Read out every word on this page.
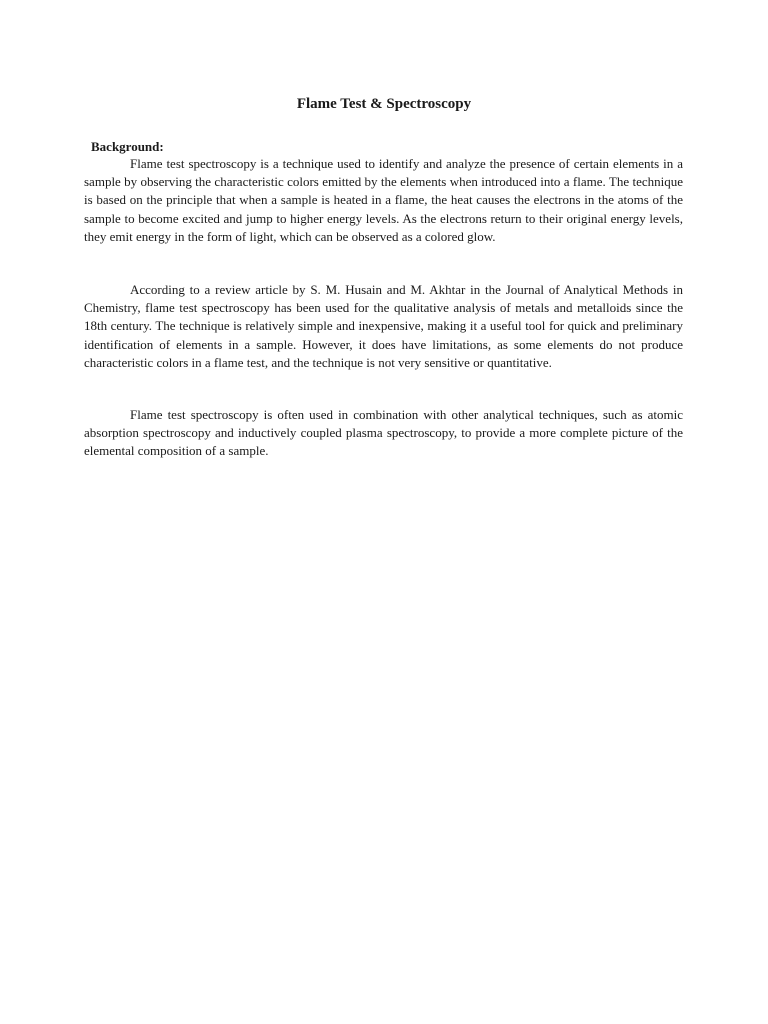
Flame Test & Spectroscopy
Background:

Flame test spectroscopy is a technique used to identify and analyze the presence of certain elements in a sample by observing the characteristic colors emitted by the elements when introduced into a flame. The technique is based on the principle that when a sample is heated in a flame, the heat causes the electrons in the atoms of the sample to become excited and jump to higher energy levels. As the electrons return to their original energy levels, they emit energy in the form of light, which can be observed as a colored glow.

According to a review article by S. M. Husain and M. Akhtar in the Journal of Analytical Methods in Chemistry, flame test spectroscopy has been used for the qualitative analysis of metals and metalloids since the 18th century. The technique is relatively simple and inexpensive, making it a useful tool for quick and preliminary identification of elements in a sample. However, it does have limitations, as some elements do not produce characteristic colors in a flame test, and the technique is not very sensitive or quantitative.

Flame test spectroscopy is often used in combination with other analytical techniques, such as atomic absorption spectroscopy and inductively coupled plasma spectroscopy, to provide a more complete picture of the elemental composition of a sample.
